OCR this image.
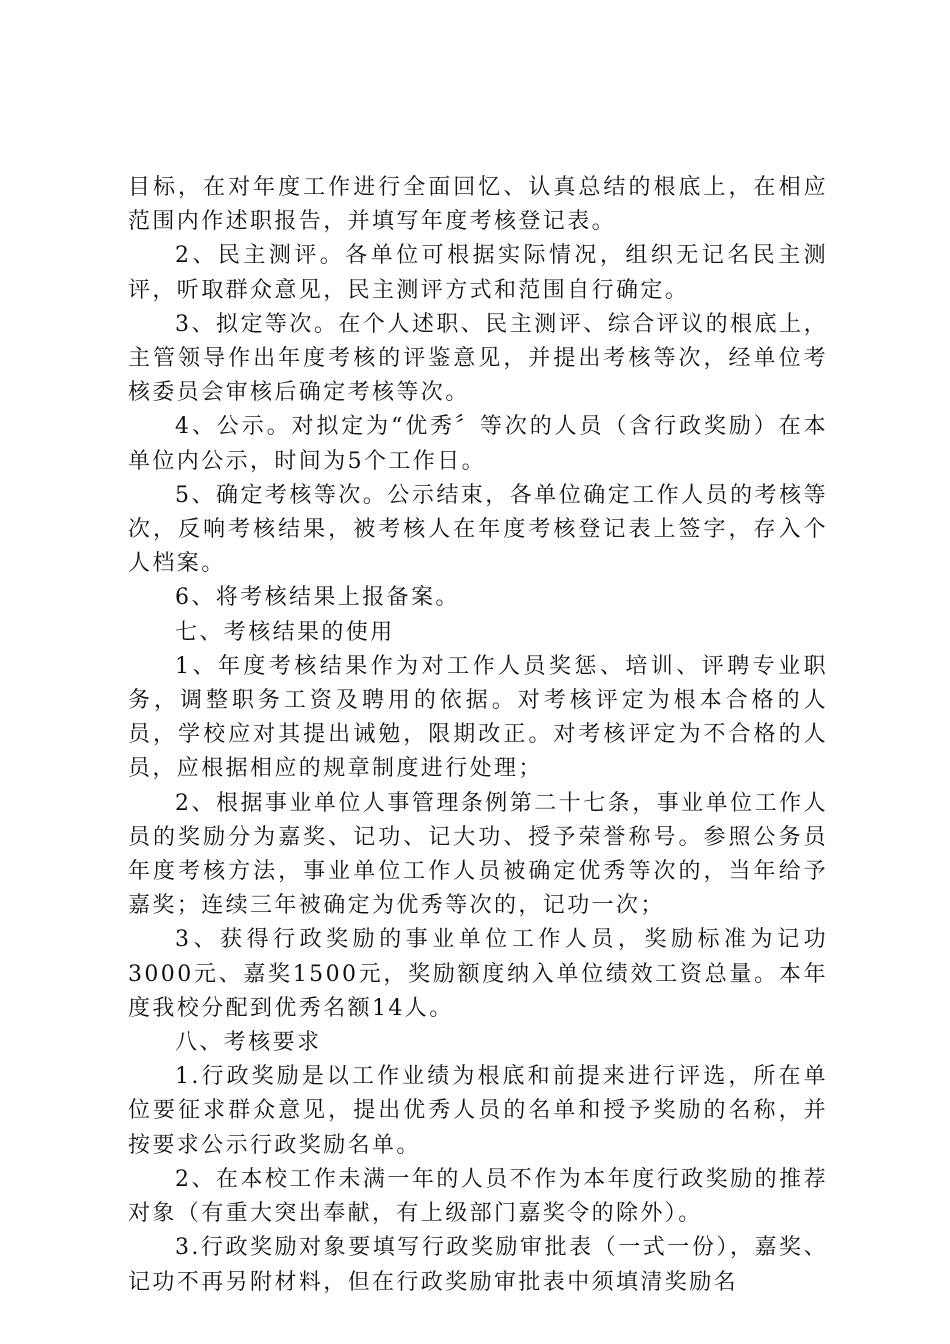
目标，在对年度工作进行全面回忆、认真总结的根底上，在相应范围内作述职报告，并填写年度考核登记表。

2、民主测评。各单位可根据实际情况，组织无记名民主测评，听取群众意见，民主测评方式和范围自行确定。

3、拟定等次。在个人述职、民主测评、综合评议的根底上，主管领导作出年度考核的评鉴意见，并提出考核等次，经单位考核委员会审核后确定考核等次。

4、公示。对拟定为“优秀〞等次的人员（含行政奖励）在本单位内公示，时间为5个工作日。

5、确定考核等次。公示结束，各单位确定工作人员的考核等次，反响考核结果，被考核人在年度考核登记表上签字，存入个人档案。

6、将考核结果上报备案。

七、考核结果的使用

1、年度考核结果作为对工作人员奖惩、培训、评聘专业职务，调整职务工资及聘用的依据。对考核评定为根本合格的人员，学校应对其提出诫勉，限期改正。对考核评定为不合格的人员，应根据相应的规章制度进行处理；

2、根据事业单位人事管理条例第二十七条，事业单位工作人员的奖励分为嘉奖、记功、记大功、授予荣誉称号。参照公务员年度考核方法，事业单位工作人员被确定优秀等次的，当年给予嘉奖；连续三年被确定为优秀等次的，记功一次；

3、获得行政奖励的事业单位工作人员，奖励标准为记功3000元、嘉奖1500元，奖励额度纳入单位绩效工资总量。本年度我校分配到优秀名额14人。

八、考核要求

1.行政奖励是以工作业绩为根底和前提来进行评选，所在单位要征求群众意见，提出优秀人员的名单和授予奖励的名称，并按要求公示行政奖励名单。

2、在本校工作未满一年的人员不作为本年度行政奖励的推荐对象（有重大突出奉献，有上级部门嘉奖令的除外）。

3.行政奖励对象要填写行政奖励审批表（一式一份），嘉奖、记功不再另附材料，但在行政奖励审批表中须填清奖励名
